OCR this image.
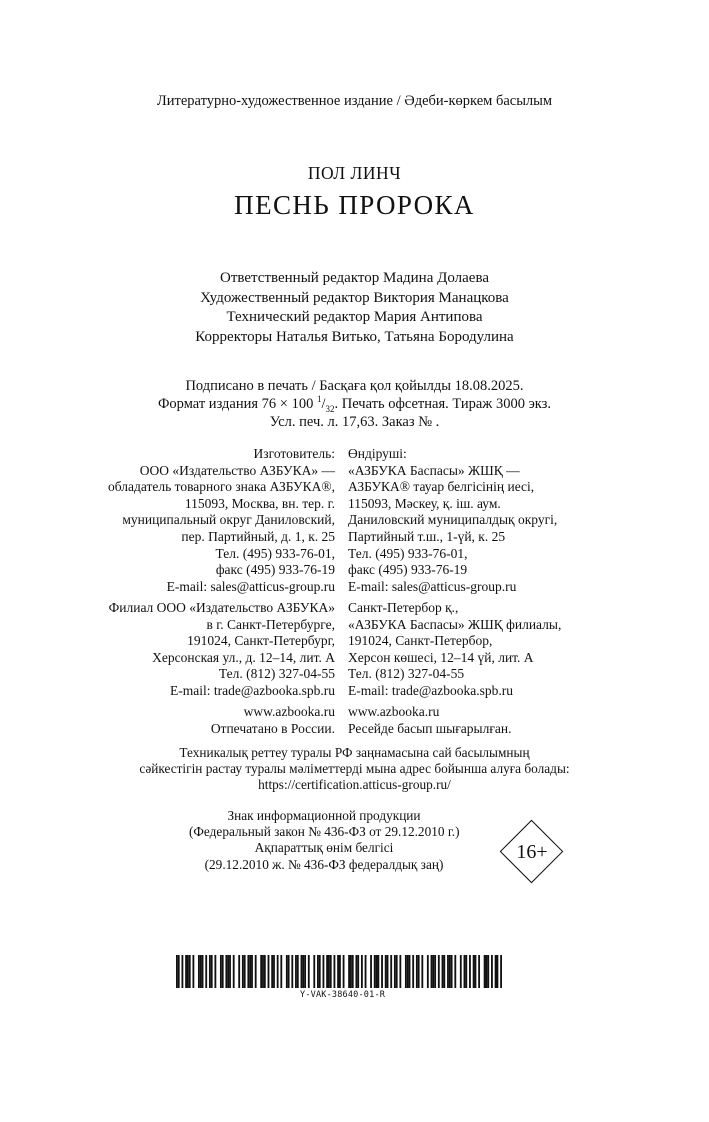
Литературно-художественное издание / Әдеби-көркем басылым
ПОЛ ЛИНЧ
ПЕСНЬ ПРОРОКА
Ответственный редактор Мадина Долаева
Художественный редактор Виктория Манацкова
Технический редактор Мария Антипова
Корректоры Наталья Витько, Татьяна Бородулина
Подписано в печать / Басқаға қол қойылды 18.08.2025.
Формат издания 76 × 100 $^1/_{32}$. Печать офсетная. Тираж 3000 экз.
Усл. печ. л. 17,63. Заказ № .
Изготовитель:
ООО «Издательство АЗБУКА» —
обладатель товарного знака АЗБУКА®,
115093, Москва, вн. тер. г.
муниципальный округ Даниловский,
пер. Партийный, д. 1, к. 25
Тел. (495) 933-76-01,
факс (495) 933-76-19
E-mail: sales@atticus-group.ru
Өндіруші:
«АЗБУКА Баспасы» ЖШҚ —
АЗБУКА® тауар белгісінің иесі,
115093, Мәскеу, қ. іш. аум.
Даниловский муниципалдық округі,
Партийный т.ш., 1-үй, к. 25
Тел. (495) 933-76-01,
факс (495) 933-76-19
E-mail: sales@atticus-group.ru
Филиал ООО «Издательство АЗБУКА»
в г. Санкт-Петербурге,
191024, Санкт-Петербург,
Херсонская ул., д. 12–14, лит. А
Тел. (812) 327-04-55
E-mail: trade@azbooka.spb.ru
Санкт-Петербор қ.,
«АЗБУКА Баспасы» ЖШҚ филиалы,
191024, Санкт-Петербор,
Херсон көшесі, 12–14 үй, лит. А
Тел. (812) 327-04-55
E-mail: trade@azbooka.spb.ru
www.azbooka.ru
Отпечатано в России.
www.azbooka.ru
Ресейде басып шығарылған.
Техникалық реттеу туралы РФ заңнамасына сай басылымның
сәйкестігін растау туралы мәліметтерді мына адрес бойынша алуға болады:
https://certification.atticus-group.ru/
Знак информационной продукции
(Федеральный закон № 436-ФЗ от 29.12.2010 г.)
Ақпараттық өнім белгісі
(29.12.2010 ж. № 436-ФЗ федералдық заң)
16+
Y-VAK-38640-01-R
